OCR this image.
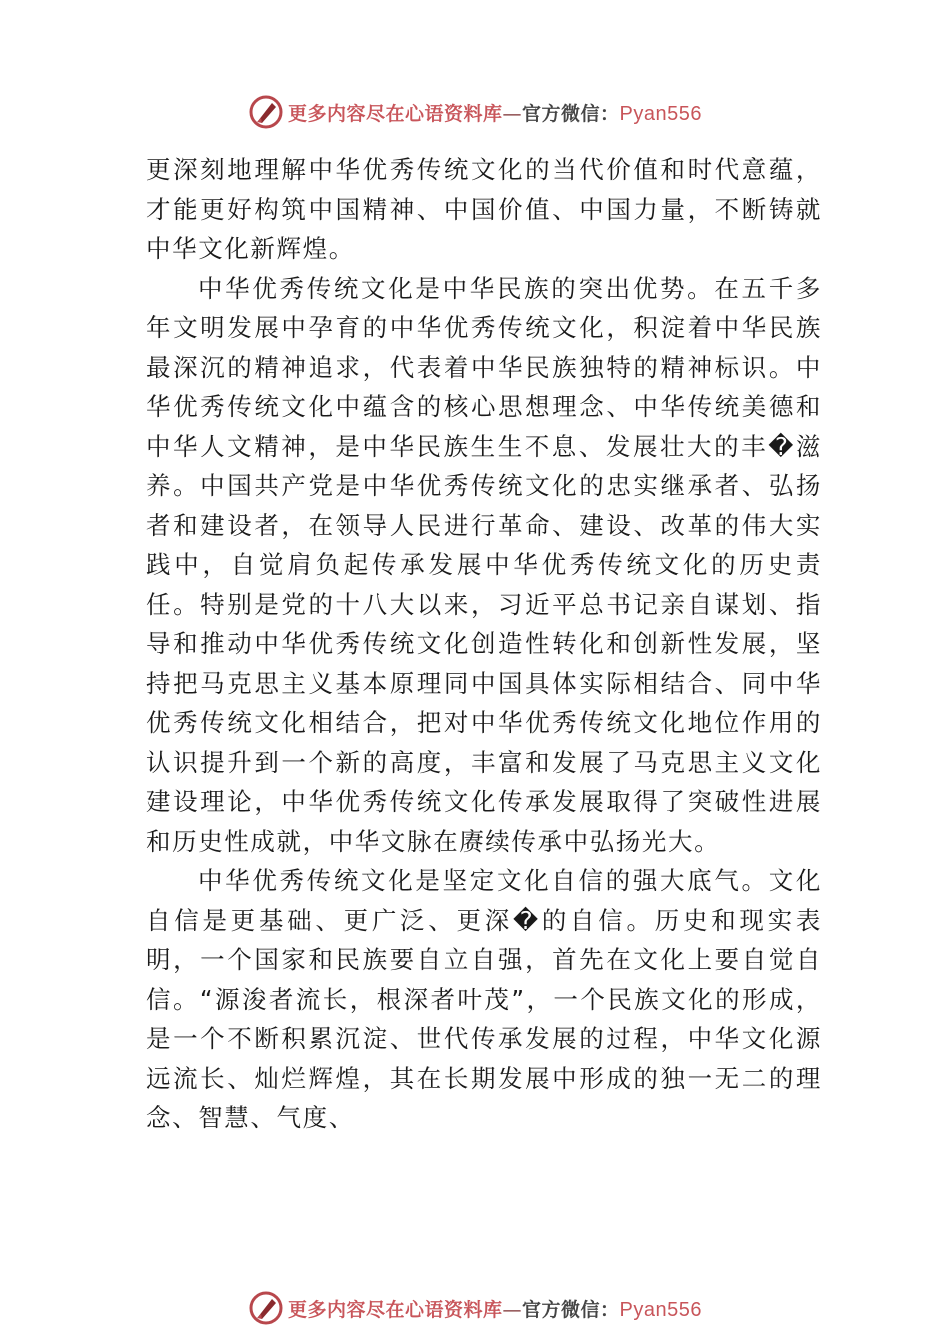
更多内容尽在心语资料库—官方微信：Pyan556

更深刻地理解中华优秀传统文化的当代价值和时代意蕴，才能更好构筑中国精神、中国价值、中国力量，不断铸就中华文化新辉煌。

中华优秀传统文化是中华民族的突出优势。在五千多年文明发展中孕育的中华优秀传统文化，积淀着中华民族最深沉的精神追求，代表着中华民族独特的精神标识。中华优秀传统文化中蕴含的核心思想理念、中华传统美德和中华人文精神，是中华民族生生不息、发展壮大的丰�滋养。中国共产党是中华优秀传统文化的忠实继承者、弘扬者和建设者，在领导人民进行革命、建设、改革的伟大实践中，自觉肩负起传承发展中华优秀传统文化的历史责任。特别是党的十八大以来，习近平总书记亲自谋划、指导和推动中华优秀传统文化创造性转化和创新性发展，坚持把马克思主义基本原理同中国具体实际相结合、同中华优秀传统文化相结合，把对中华优秀传统文化地位作用的认识提升到一个新的高度，丰富和发展了马克思主义文化建设理论，中华优秀传统文化传承发展取得了突破性进展和历史性成就，中华文脉在赓续传承中弘扬光大。

中华优秀传统文化是坚定文化自信的强大底气。文化自信是更基础、更广泛、更深�的自信。历史和现实表明，一个国家和民族要自立自强，首先在文化上要自觉自信。“源浚者流长，根深者叶茂”，一个民族文化的形成，是一个不断积累沉淀、世代传承发展的过程，中华文化源远流长、灿烂辉煌，其在长期发展中形成的独一无二的理念、智慧、气度、

更多内容尽在心语资料库—官方微信：Pyan556
